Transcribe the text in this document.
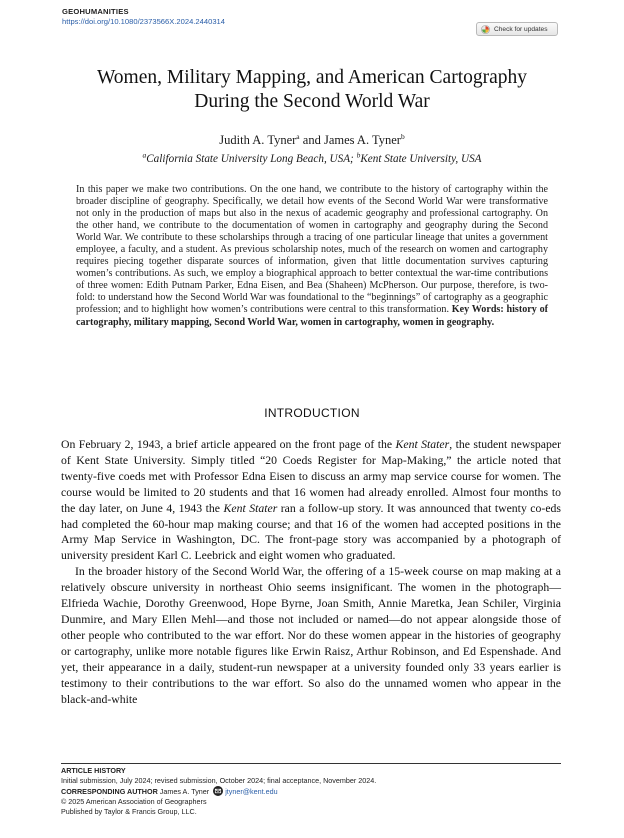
GEOHUMANITIES
https://doi.org/10.1080/2373566X.2024.2440314
Check for updates
Women, Military Mapping, and American Cartography
During the Second World War
Judith A. Tyner$^a$ and James A. Tyner$^b$
$^a$California State University Long Beach, USA; $^b$Kent State University, USA
In this paper we make two contributions. On the one hand, we contribute to the history of cartography within the broader discipline of geography. Specifically, we detail how events of the Second World War were transformative not only in the production of maps but also in the nexus of academic geography and professional cartography. On the other hand, we contribute to the documentation of women in cartography and geography during the Second World War. We contribute to these scholarships through a tracing of one particular lineage that unites a government employee, a faculty, and a student. As previous scholarship notes, much of the research on women and cartography requires piecing together disparate sources of information, given that little documentation survives capturing women’s contributions. As such, we employ a biographical approach to better contextual the war-time contributions of three women: Edith Putnam Parker, Edna Eisen, and Bea (Shaheen) McPherson. Our purpose, therefore, is two-fold: to understand how the Second World War was foundational to the “beginnings” of cartography as a geographic profession; and to highlight how women’s contributions were central to this transformation. Key Words: history of cartography, military mapping, Second World War, women in cartography, women in geography.
INTRODUCTION

On February 2, 1943, a brief article appeared on the front page of the Kent Stater, the student newspaper of Kent State University. Simply titled “20 Coeds Register for Map-Making,” the article noted that twenty-five coeds met with Professor Edna Eisen to discuss an army map service course for women. The course would be limited to 20 students and that 16 women had already enrolled. Almost four months to the day later, on June 4, 1943 the Kent Stater ran a follow-up story. It was announced that twenty co-eds had completed the 60-hour map making course; and that 16 of the women had accepted positions in the Army Map Service in Washington, DC. The front-page story was accompanied by a photograph of university president Karl C. Leebrick and eight women who graduated.

In the broader history of the Second World War, the offering of a 15-week course on map making at a relatively obscure university in northeast Ohio seems insignificant. The women in the photograph—Elfrieda Wachie, Dorothy Greenwood, Hope Byrne, Joan Smith, Annie Maretka, Jean Schiler, Virginia Dunmire, and Mary Ellen Mehl—and those not included or named—do not appear alongside those of other people who contributed to the war effort. Nor do these women appear in the histories of geography or cartography, unlike more notable figures like Erwin Raisz, Arthur Robinson, and Ed Espenshade. And yet, their appearance in a daily, student-run newspaper at a university founded only 33 years earlier is testimony to their contributions to the war effort. So also do the unnamed women who appear in the black-and-white

ARTICLE HISTORY
Initial submission, July 2024; revised submission, October 2024; final acceptance, November 2024.
CORRESPONDING AUTHOR James A. Tyner jtyner@kent.edu
© 2025 American Association of Geographers
Published by Taylor & Francis Group, LLC.
